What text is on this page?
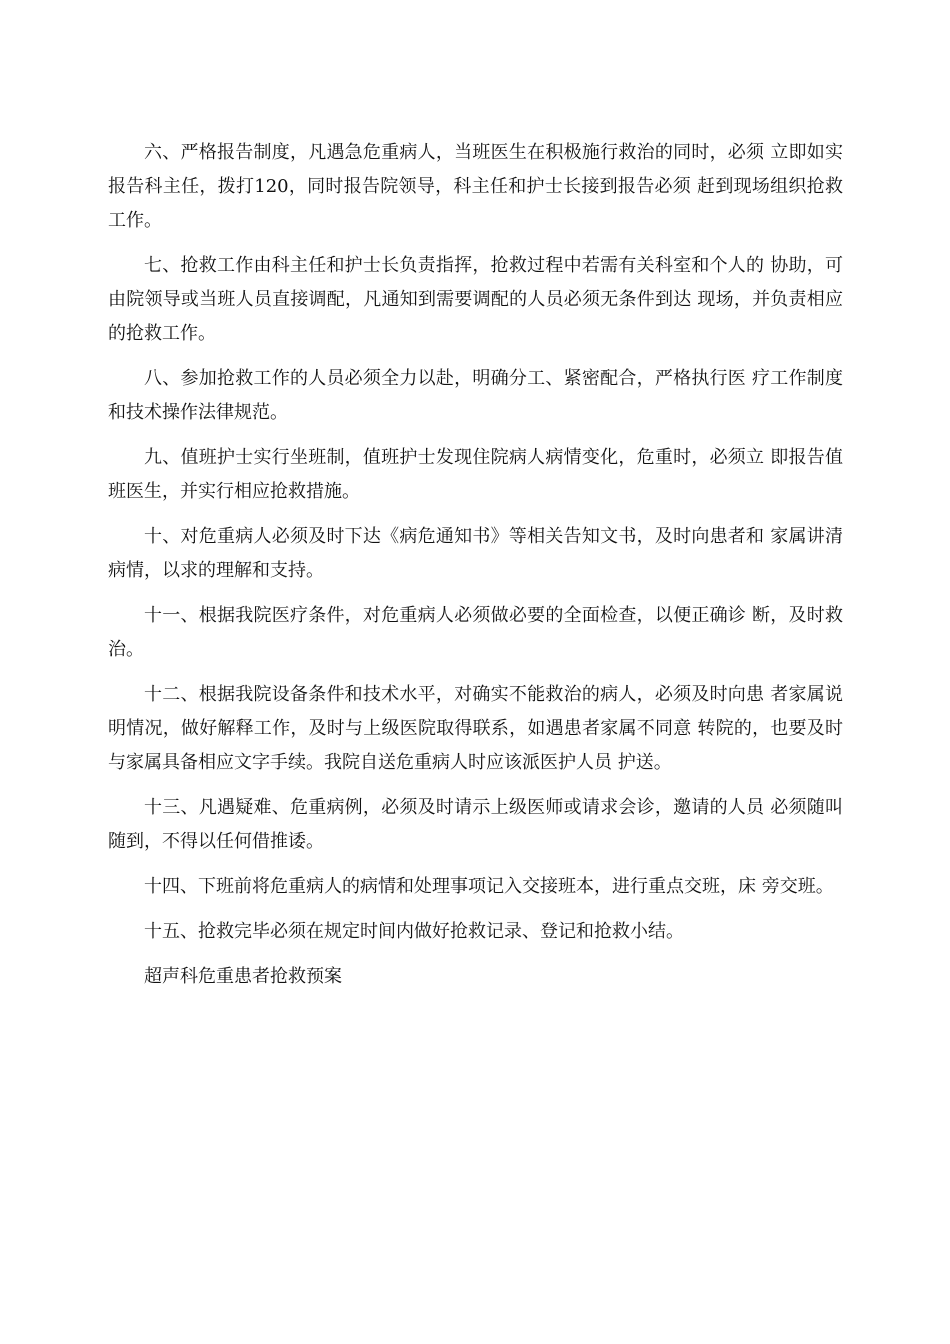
六、严格报告制度，凡遇急危重病人，当班医生在积极施行救治的同时，必须 立即如实报告科主任，拨打120，同时报告院领导，科主任和护士长接到报告必须 赶到现场组织抢救工作。

七、抢救工作由科主任和护士长负责指挥，抢救过程中若需有关科室和个人的 协助，可由院领导或当班人员直接调配，凡通知到需要调配的人员必须无条件到达 现场，并负责相应的抢救工作。

八、参加抢救工作的人员必须全力以赴，明确分工、紧密配合，严格执行医 疗工作制度和技术操作法律规范。

九、值班护士实行坐班制，值班护士发现住院病人病情变化，危重时，必须立 即报告值班医生，并实行相应抢救措施。

十、对危重病人必须及时下达《病危通知书》等相关告知文书，及时向患者和 家属讲清病情，以求的理解和支持。

十一、根据我院医疗条件，对危重病人必须做必要的全面检查，以便正确诊 断，及时救治。

十二、根据我院设备条件和技术水平，对确实不能救治的病人，必须及时向患 者家属说明情况，做好解释工作，及时与上级医院取得联系，如遇患者家属不同意 转院的，也要及时与家属具备相应文字手续。我院自送危重病人时应该派医护人员 护送。

十三、凡遇疑难、危重病例，必须及时请示上级医师或请求会诊，邀请的人员 必须随叫随到，不得以任何借推诿。

十四、下班前将危重病人的病情和处理事项记入交接班本，进行重点交班，床 旁交班。

十五、抢救完毕必须在规定时间内做好抢救记录、登记和抢救小结。

超声科危重患者抢救预案
